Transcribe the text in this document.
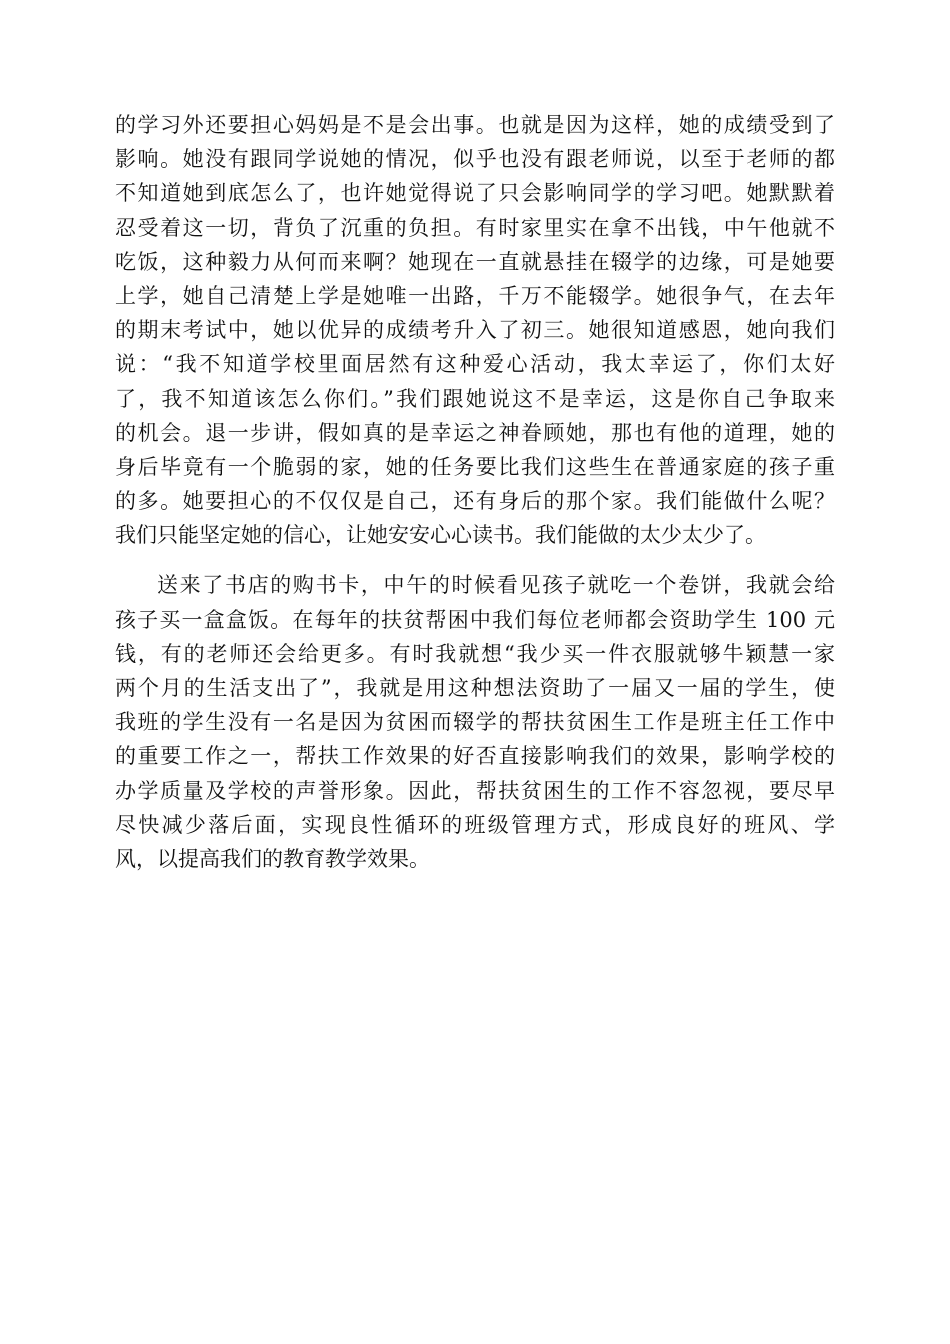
的学习外还要担心妈妈是不是会出事。也就是因为这样，她的成绩受到了

影响。她没有跟同学说她的情况，似乎也没有跟老师说，以至于老师的都

不知道她到底怎么了，也许她觉得说了只会影响同学的学习吧。她默默着

忍受着这一切，背负了沉重的负担。有时家里实在拿不出钱，中午他就不

吃饭，这种毅力从何而来啊？她现在一直就悬挂在辍学的边缘，可是她要

上学，她自己清楚上学是她唯一出路，千万不能辍学。她很争气，在去年

的期末考试中，她以优异的成绩考升入了初三。她很知道感恩，她向我们

说：“我不知道学校里面居然有这种爱心活动，我太幸运了，你们太好

了，我不知道该怎么你们。”我们跟她说这不是幸运，这是你自己争取来

的机会。退一步讲，假如真的是幸运之神眷顾她，那也有他的道理，她的

身后毕竟有一个脆弱的家，她的任务要比我们这些生在普通家庭的孩子重

的多。她要担心的不仅仅是自己，还有身后的那个家。我们能做什么呢？

我们只能坚定她的信心，让她安安心心读书。我们能做的太少太少了。

送来了书店的购书卡，中午的时候看见孩子就吃一个卷饼，我就会给

孩子买一盒盒饭。在每年的扶贫帮困中我们每位老师都会资助学生 100 元

钱，有的老师还会给更多。有时我就想“我少买一件衣服就够牛颖慧一家

两个月的生活支出了”，我就是用这种想法资助了一届又一届的学生，使

我班的学生没有一名是因为贫困而辍学的帮扶贫困生工作是班主任工作中

的重要工作之一，帮扶工作效果的好否直接影响我们的效果，影响学校的

办学质量及学校的声誉形象。因此，帮扶贫困生的工作不容忽视，要尽早

尽快减少落后面，实现良性循环的班级管理方式，形成良好的班风、学

风，以提高我们的教育教学效果。
